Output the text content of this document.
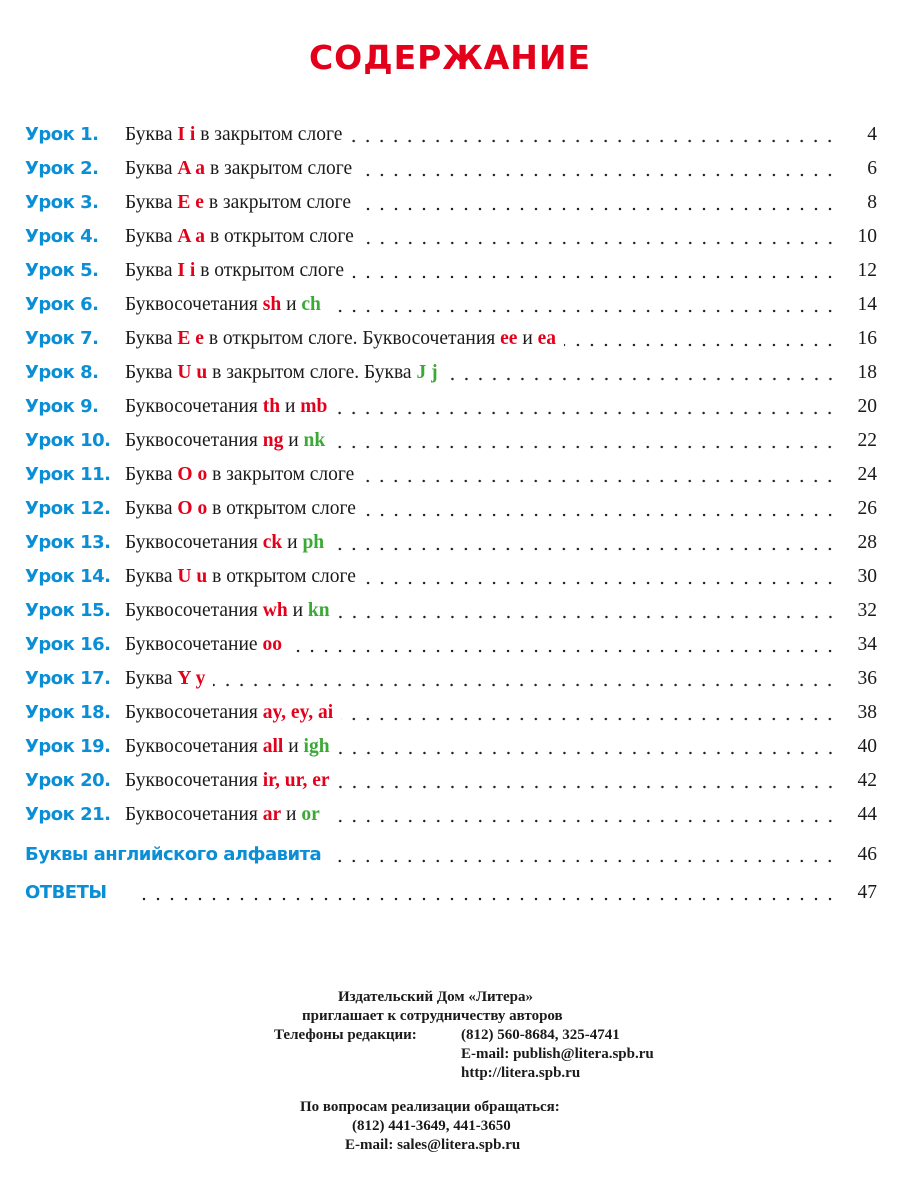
СОДЕРЖАНИЕ
Урок 1.	Буква I i в закрытом слоге	4
Урок 2.	Буква A a в закрытом слоге	6
Урок 3.	Буква E e в закрытом слоге	8
Урок 4.	Буква A a в открытом слоге	10
Урок 5.	Буква I i в открытом слоге	12
Урок 6.	Буквосочетания sh и ch	14
Урок 7.	Буква E e в открытом слоге. Буквосочетания ee и ea	16
Урок 8.	Буква U u в закрытом слоге. Буква J j	18
Урок 9.	Буквосочетания th и mb	20
Урок 10. Буквосочетания ng и nk	22
Урок 11. Буква O o в закрытом слоге	24
Урок 12. Буква O o в открытом слоге	26
Урок 13. Буквосочетания ck и ph	28
Урок 14. Буква U u в открытом слоге	30
Урок 15. Буквосочетания wh и kn	32
Урок 16. Буквосочетание oo	34
Урок 17. Буква Y y	36
Урок 18. Буквосочетания ay, ey, ai	38
Урок 19. Буквосочетания all и igh	40
Урок 20. Буквосочетания ir, ur, er	42
Урок 21. Буквосочетания ar и or	44
Буквы английского алфавита	46
ОТВЕТЫ	47
Издательский Дом «Литера»
приглашает к сотрудничеству авторов
Телефоны редакции:	(812) 560-8684, 325-4741
E-mail: publish@litera.spb.ru
http://litera.spb.ru
По вопросам реализации обращаться:
(812) 441-3649, 441-3650
E-mail: sales@litera.spb.ru
